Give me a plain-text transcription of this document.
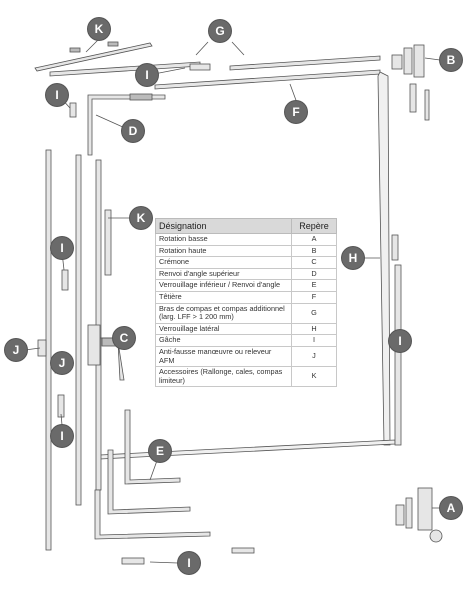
K	G
I
B
I
D
F
K
H
I
C
J
J
I
I
E
A
I
Désignation	Repère
Rotation basse	A
Rotation haute	B
Crémone	C
Renvoi d'angle supérieur	D
Verrouillage inférieur / Renvoi d'angle	E
Têtière	F
Bras de compas et compas additionnel (larg. LFF > 1 200 mm)	G
Verrouillage latéral	H
Gâche	I
Anti-fausse manœuvre ou releveur AFM	J
Accessoires (Rallonge, cales, compas limiteur)	K
